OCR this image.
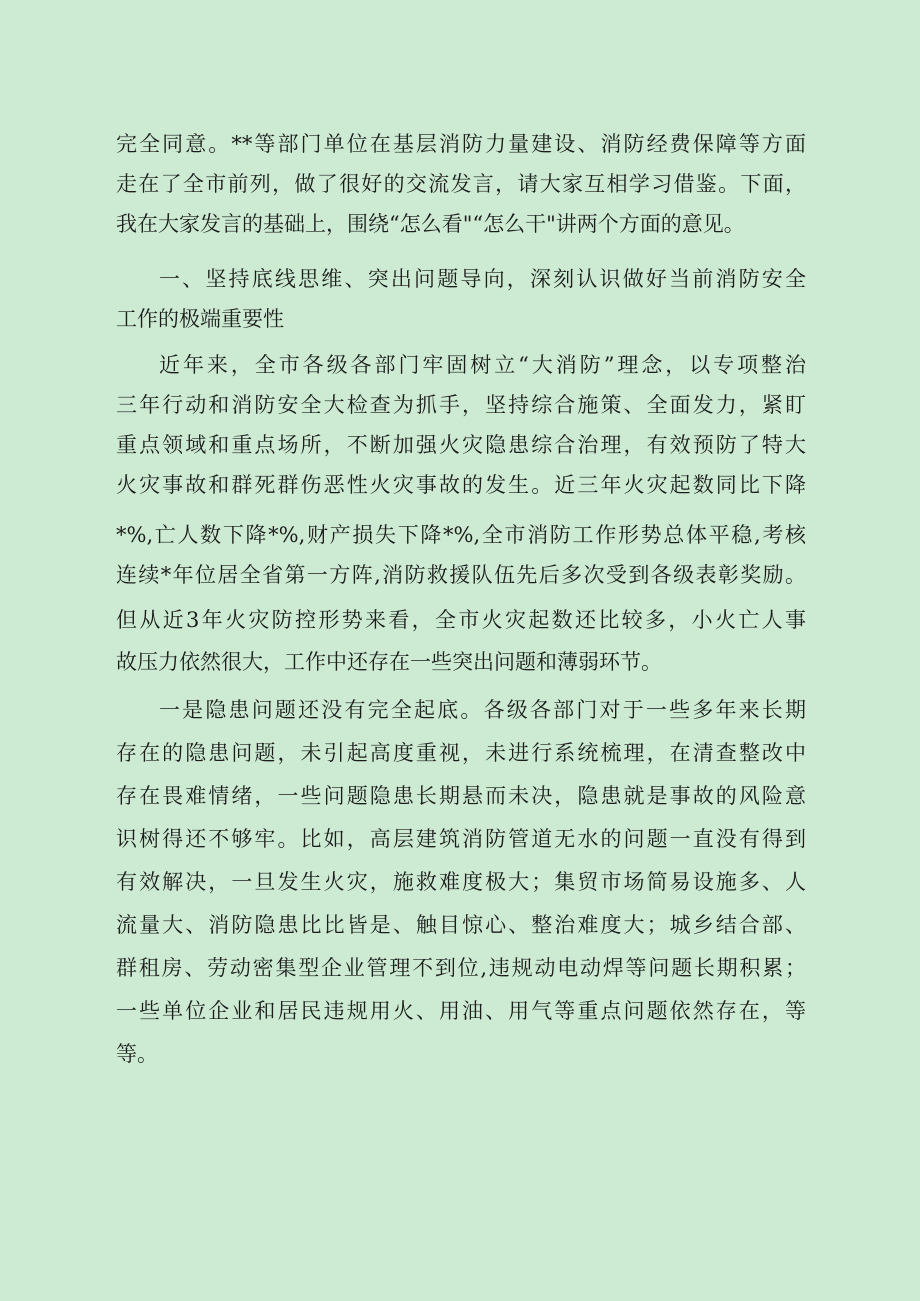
完全同意。**等部门单位在基层消防力量建设、消防经费保障等方面
走在了全市前列，做了很好的交流发言，请大家互相学习借鉴。下面，
我在大家发言的基础上，围绕“怎么看"“怎么干"讲两个方面的意见。
一、坚持底线思维、突出问题导向，深刻认识做好当前消防安全
工作的极端重要性
近年来，全市各级各部门牢固树立“大消防”理念，以专项整治
三年行动和消防安全大检查为抓手，坚持综合施策、全面发力，紧盯
重点领域和重点场所，不断加强火灾隐患综合治理，有效预防了特大
火灾事故和群死群伤恶性火灾事故的发生。近三年火灾起数同比下降
*%,亡人数下降*%,财产损失下降*%,全市消防工作形势总体平稳,考核
连续*年位居全省第一方阵,消防救援队伍先后多次受到各级表彰奖励。
但从近3年火灾防控形势来看，全市火灾起数还比较多，小火亡人事
故压力依然很大，工作中还存在一些突出问题和薄弱环节。
一是隐患问题还没有完全起底。各级各部门对于一些多年来长期
存在的隐患问题，未引起高度重视，未进行系统梳理，在清查整改中
存在畏难情绪，一些问题隐患长期悬而未决，隐患就是事故的风险意
识树得还不够牢。比如，高层建筑消防管道无水的问题一直没有得到
有效解决，一旦发生火灾，施救难度极大；集贸市场简易设施多、人
流量大、消防隐患比比皆是、触目惊心、整治难度大；城乡结合部、
群租房、劳动密集型企业管理不到位,违规动电动焊等问题长期积累；
一些单位企业和居民违规用火、用油、用气等重点问题依然存在，等
等。
